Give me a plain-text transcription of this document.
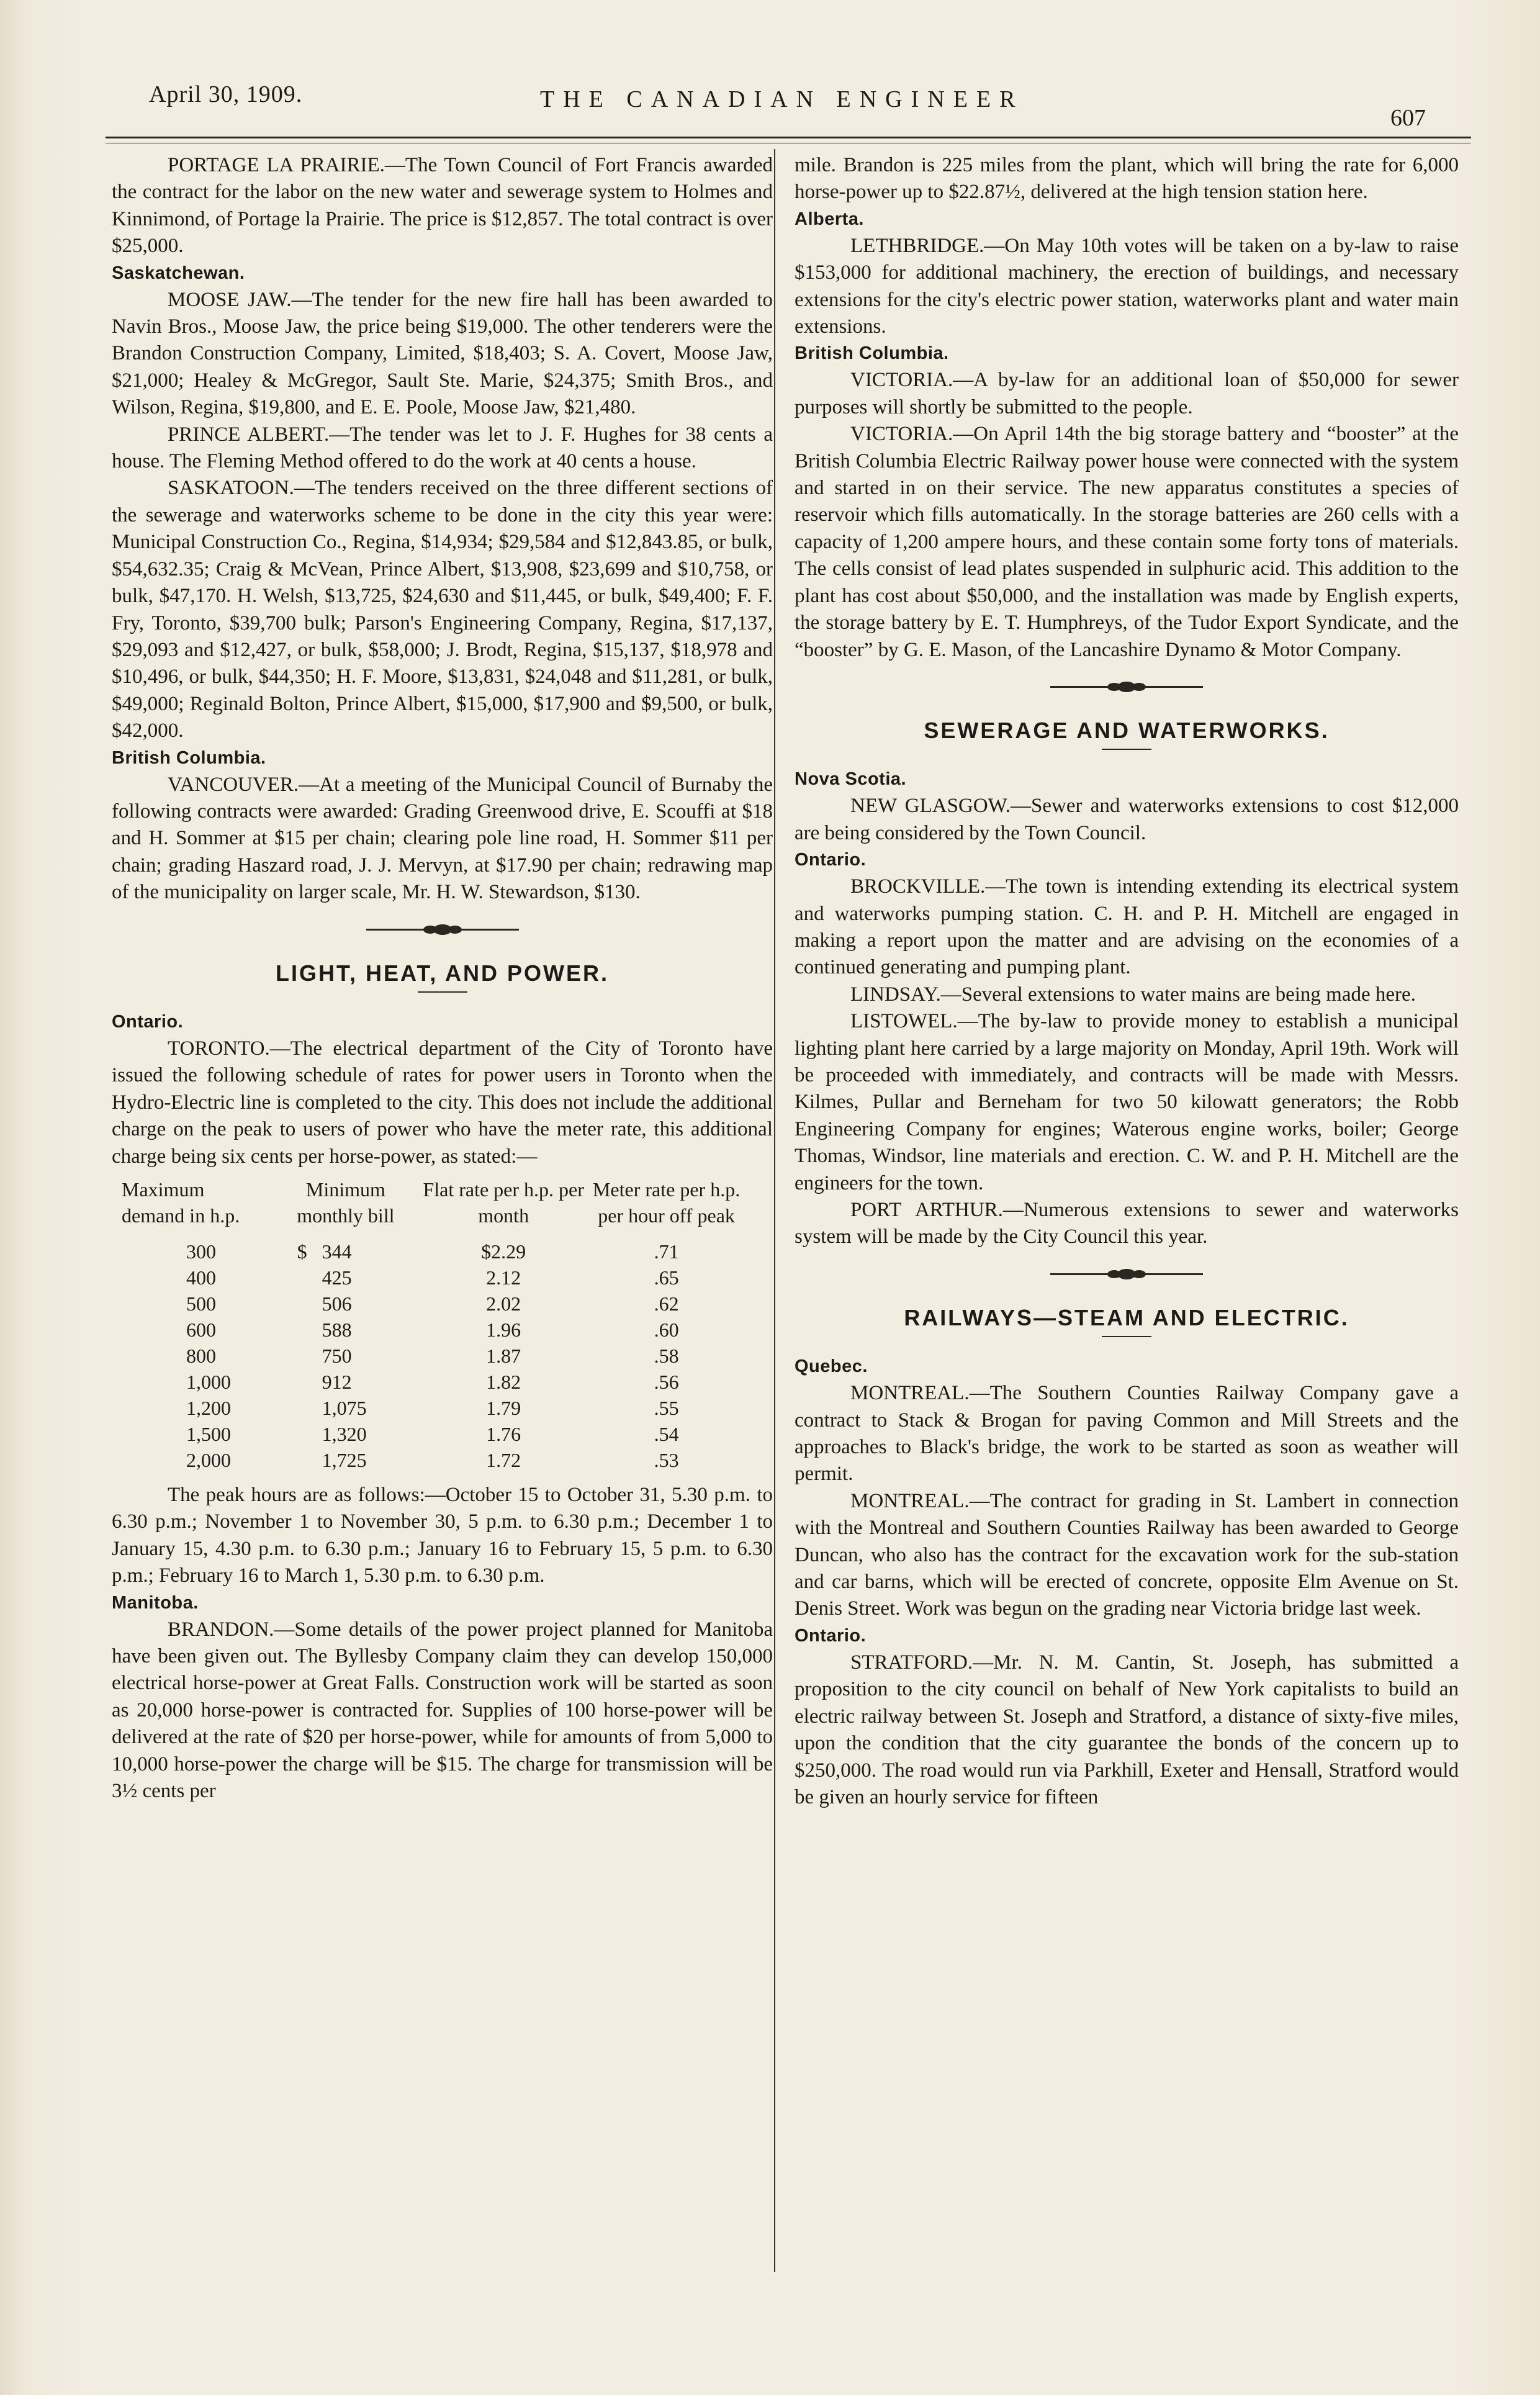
April 30, 1909.	THE CANADIAN ENGINEER
607

PORTAGE LA PRAIRIE.—The Town Council of Fort Francis awarded the contract for the labor on the new water and sewerage system to Holmes and Kinnimond, of Portage la Prairie. The price is $12,857. The total contract is over $25,000.

Saskatchewan.

MOOSE JAW.—The tender for the new fire hall has been awarded to Navin Bros., Moose Jaw, the price being $19,000. The other tenderers were the Brandon Construction Company, Limited, $18,403; S. A. Covert, Moose Jaw, $21,000; Healey & McGregor, Sault Ste. Marie, $24,375; Smith Bros., and Wilson, Regina, $19,800, and E. E. Poole, Moose Jaw, $21,480.

PRINCE ALBERT.—The tender was let to J. F. Hughes for 38 cents a house. The Fleming Method offered to do the work at 40 cents a house.

SASKATOON.—The tenders received on the three different sections of the sewerage and waterworks scheme to be done in the city this year were: Municipal Construction Co., Regina, $14,934; $29,584 and $12,843.85, or bulk, $54,632.35; Craig & McVean, Prince Albert, $13,908, $23,699 and $10,758, or bulk, $47,170. H. Welsh, $13,725, $24,630 and $11,445, or bulk, $49,400; F. F. Fry, Toronto, $39,700 bulk; Parson's Engineering Company, Regina, $17,137, $29,093 and $12,427, or bulk, $58,000; J. Brodt, Regina, $15,137, $18,978 and $10,496, or bulk, $44,350; H. F. Moore, $13,831, $24,048 and $11,281, or bulk, $49,000; Reginald Bolton, Prince Albert, $15,000, $17,900 and $9,500, or bulk, $42,000.

British Columbia.

VANCOUVER.—At a meeting of the Municipal Council of Burnaby the following contracts were awarded: Grading Greenwood drive, E. Scouffi at $18 and H. Sommer at $15 per chain; clearing pole line road, H. Sommer $11 per chain; grading Haszard road, J. J. Mervyn, at $17.90 per chain; redrawing map of the municipality on larger scale, Mr. H. W. Stewardson, $130.

LIGHT, HEAT, AND POWER.
Ontario.

TORONTO.—The electrical department of the City of Toronto have issued the following schedule of rates for power users in Toronto when the Hydro-Electric line is completed to the city. This does not include the additional charge on the peak to users of power who have the meter rate, this additional charge being six cents per horse-power, as stated:—

Maximum demand in h.p.	Minimum monthly bill	Flat rate per h.p. per month	Meter rate per h.p. per hour off peak
300	$ 344	$2.29	.71
400	425	2.12	.65
500	506	2.02	.62
600	588	1.96	.60
800	750	1.87	.58
1,000	912	1.82	.56
1,200	1,075	1.79	.55
1,500	1,320	1.76	.54
2,000	1,725	1.72	.53

The peak hours are as follows:—October 15 to October 31, 5.30 p.m. to 6.30 p.m.; November 1 to November 30, 5 p.m. to 6.30 p.m.; December 1 to January 15, 4.30 p.m. to 6.30 p.m.; January 16 to February 15, 5 p.m. to 6.30 p.m.; February 16 to March 1, 5.30 p.m. to 6.30 p.m.

Manitoba.

BRANDON.—Some details of the power project planned for Manitoba have been given out. The Byllesby Company claim they can develop 150,000 electrical horse-power at Great Falls. Construction work will be started as soon as 20,000 horse-power is contracted for. Supplies of 100 horse-power will be delivered at the rate of $20 per horse-power, while for amounts of from 5,000 to 10,000 horse-power the charge will be $15. The charge for transmission will be 3½ cents per

mile. Brandon is 225 miles from the plant, which will bring the rate for 6,000 horse-power up to $22.87½, delivered at the high tension station here.

Alberta.

LETHBRIDGE.—On May 10th votes will be taken on a by-law to raise $153,000 for additional machinery, the erection of buildings, and necessary extensions for the city's electric power station, waterworks plant and water main extensions.

British Columbia.

VICTORIA.—A by-law for an additional loan of $50,000 for sewer purposes will shortly be submitted to the people.

VICTORIA.—On April 14th the big storage battery and “booster” at the British Columbia Electric Railway power house were connected with the system and started in on their service. The new apparatus constitutes a species of reservoir which fills automatically. In the storage batteries are 260 cells with a capacity of 1,200 ampere hours, and these contain some forty tons of materials. The cells consist of lead plates suspended in sulphuric acid. This addition to the plant has cost about $50,000, and the installation was made by English experts, the storage battery by E. T. Humphreys, of the Tudor Export Syndicate, and the “booster” by G. E. Mason, of the Lancashire Dynamo & Motor Company.

SEWERAGE AND WATERWORKS.
Nova Scotia.

NEW GLASGOW.—Sewer and waterworks extensions to cost $12,000 are being considered by the Town Council.

Ontario.

BROCKVILLE.—The town is intending extending its electrical system and waterworks pumping station. C. H. and P. H. Mitchell are engaged in making a report upon the matter and are advising on the economies of a continued generating and pumping plant.

LINDSAY.—Several extensions to water mains are being made here.

LISTOWEL.—The by-law to provide money to establish a municipal lighting plant here carried by a large majority on Monday, April 19th. Work will be proceeded with immediately, and contracts will be made with Messrs. Kilmes, Pullar and Berneham for two 50 kilowatt generators; the Robb Engineering Company for engines; Waterous engine works, boiler; George Thomas, Windsor, line materials and erection. C. W. and P. H. Mitchell are the engineers for the town.

PORT ARTHUR.—Numerous extensions to sewer and waterworks system will be made by the City Council this year.

RAILWAYS—STEAM AND ELECTRIC.
Quebec.

MONTREAL.—The Southern Counties Railway Company gave a contract to Stack & Brogan for paving Common and Mill Streets and the approaches to Black's bridge, the work to be started as soon as weather will permit.

MONTREAL.—The contract for grading in St. Lambert in connection with the Montreal and Southern Counties Railway has been awarded to George Duncan, who also has the contract for the excavation work for the sub-station and car barns, which will be erected of concrete, opposite Elm Avenue on St. Denis Street. Work was begun on the grading near Victoria bridge last week.

Ontario.

STRATFORD.—Mr. N. M. Cantin, St. Joseph, has submitted a proposition to the city council on behalf of New York capitalists to build an electric railway between St. Joseph and Stratford, a distance of sixty-five miles, upon the condition that the city guarantee the bonds of the concern up to $250,000. The road would run via Parkhill, Exeter and Hensall, Stratford would be given an hourly service for fifteen
